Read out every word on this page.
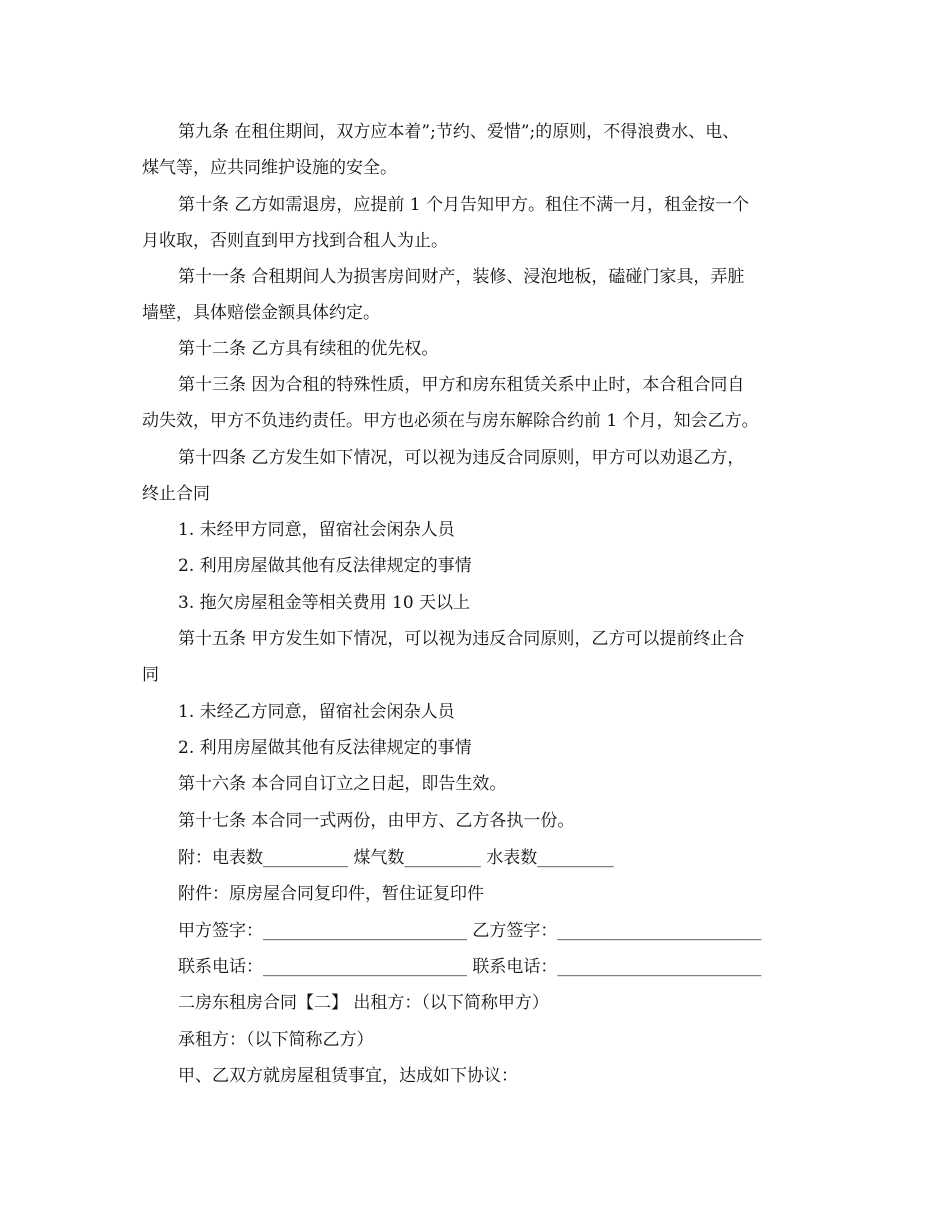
第九条 在租住期间，双方应本着”;节约、爱惜”;的原则，不得浪费水、电、
煤气等，应共同维护设施的安全。
第十条 乙方如需退房，应提前 1 个月告知甲方。租住不满一月，租金按一个
月收取，否则直到甲方找到合租人为止。
第十一条 合租期间人为损害房间财产，装修、浸泡地板，磕碰门家具，弄脏
墙壁，具体赔偿金额具体约定。
第十二条 乙方具有续租的优先权。
第十三条 因为合租的特殊性质，甲方和房东租赁关系中止时，本合租合同自
动失效，甲方不负违约责任。甲方也必须在与房东解除合约前 1 个月，知会乙方。
第十四条 乙方发生如下情况，可以视为违反合同原则，甲方可以劝退乙方，
终止合同
1. 未经甲方同意，留宿社会闲杂人员
2. 利用房屋做其他有反法律规定的事情
3. 拖欠房屋租金等相关费用 10 天以上
第十五条 甲方发生如下情况，可以视为违反合同原则，乙方可以提前终止合
同
1. 未经乙方同意，留宿社会闲杂人员
2. 利用房屋做其他有反法律规定的事情
第十六条 本合同自订立之日起，即告生效。
第十七条 本合同一式两份，由甲方、乙方各执一份。
附：电表数__________ 煤气数_________ 水表数_________
附件：原房屋合同复印件，暂住证复印件
甲方签字：________________________ 乙方签字：________________________
联系电话：________________________ 联系电话：________________________
二房东租房合同【二】 出租方：（以下简称甲方）
承租方：（以下简称乙方）
甲、乙双方就房屋租赁事宜，达成如下协议：
